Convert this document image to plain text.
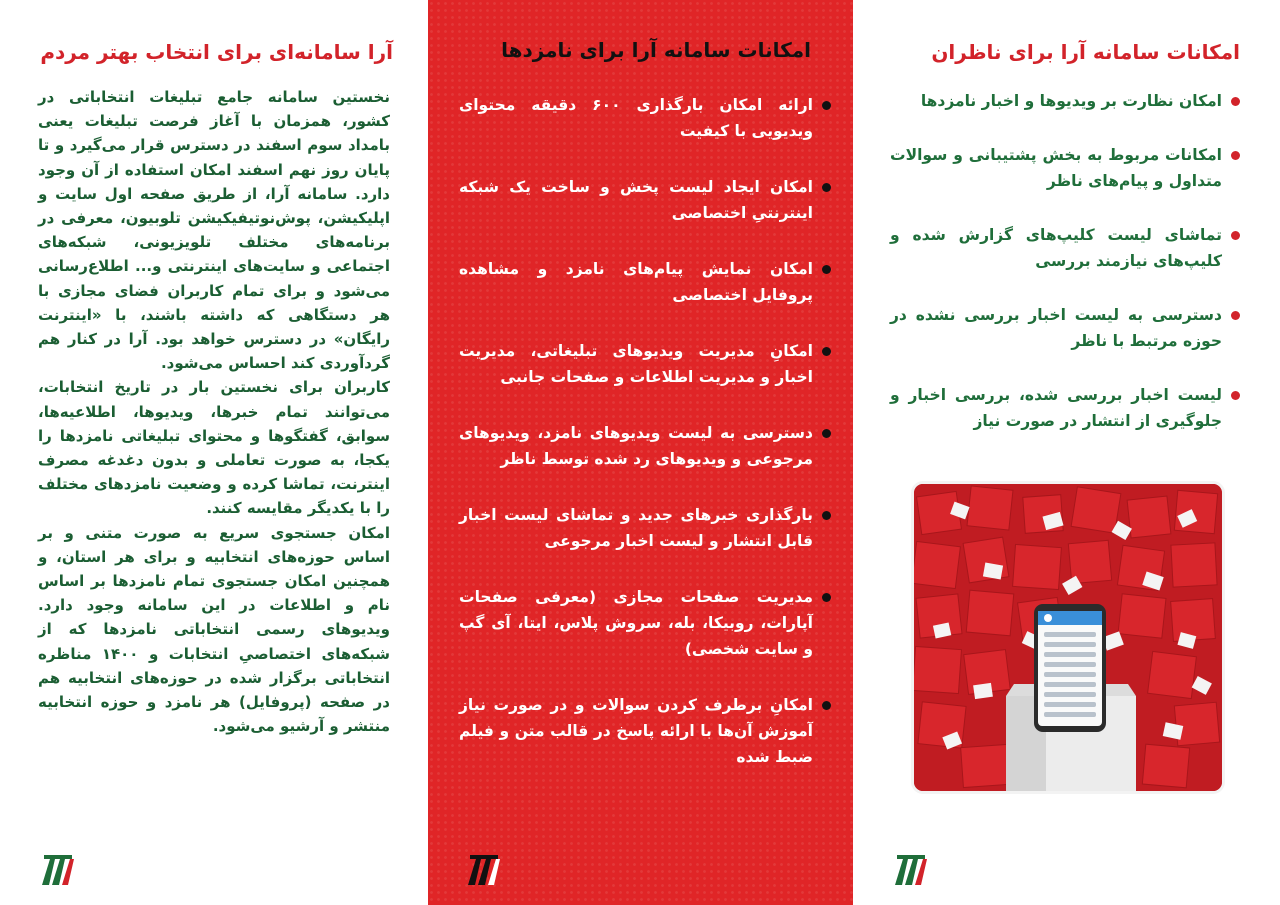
امکانات سامانه آرا برای ناظران
امکان نظارت بر ویدیوها و اخبار نامزدها
امکانات مربوط به بخش پشتیبانی و سوالات متداول و پیام‌های ناظر
تماشای لیست کلیپ‌های گزارش شده و کلیپ‌های نیازمند بررسی
دسترسی به لیست اخبار بررسی نشده در حوزه مرتبط با ناظر
لیست اخبار بررسی شده، بررسی اخبار و جلوگیری از انتشار در صورت نیاز
امکانات سامانه آرا برای نامزدها
ارائه امکان بارگذاری ۶۰۰ دقیقه محتوای ویدیویی با کیفیت
امکان ایجاد لیست پخش و ساخت یک شبکه اینترنتیِ اختصاصی
امکان نمایش پیام‌های نامزد و مشاهده پروفایل اختصاصی
امکانِ مدیریت ویدیوهای تبلیغاتی، مدیریت اخبار و مدیریت اطلاعات و صفحات جانبی
دسترسی به لیست ویدیوهای نامزد، ویدیوهای مرجوعی و ویدیوهای رد شده توسط ناظر
بارگذاری خبرهای جدید و تماشای لیست اخبار قابل انتشار و لیست اخبار مرجوعی
مدیریت صفحات مجازی (معرفی صفحات آپارات، روبیکا، بله، سروش پلاس، ایتا، آی گپ و سایت شخصی)
امکانِ برطرف کردن سوالات و در صورت نیاز آموزش آن‌ها با ارائه پاسخ در قالب متن و فیلم ضبط شده
آرا سامانه‌ای برای انتخاب بهتر مردم

نخستین سامانه جامع تبلیغات انتخاباتی در کشور، همزمان با آغاز فرصت تبلیغات یعنی بامداد سوم اسفند در دسترس قرار می‌گیرد و تا پایان روز نهم اسفند امکان استفاده از آن وجود دارد. سامانه آرا، از طریق صفحه اول سایت و اپلیکیشن، پوش‌نوتیفیکیشن تلوبیون، معرفی در برنامه‌های مختلف تلویزیونی، شبکه‌های اجتماعی و سایت‌های اینترنتی و... اطلاع‌رسانی می‌شود و برای تمام کاربران فضای مجازی با هر دستگاهی که داشته باشند، با «اینترنت رایگان» در دسترس خواهد بود. آرا در کنار هم گردآوردی کند احساس می‌شود.

کاربران برای نخستین بار در تاریخ انتخابات، می‌توانند تمام خبرها، ویدیوها، اطلاعیه‌ها، سوابق، گفتگوها و محتوای تبلیغاتی نامزدها را یکجا، به صورت تعاملی و بدون دغدغه مصرف اینترنت، تماشا کرده و وضعیت نامزدهای مختلف را با یکدیگر مقایسه کنند.

امکان جستجوی سریع به صورت متنی و بر اساس حوزه‌های انتخابیه و برای هر استان، و همچنین امکان جستجوی تمام نامزدها بر اساس نام و اطلاعات در این سامانه وجود دارد. ویدیوهای رسمی انتخاباتی نامزدها که از شبکه‌های اختصاصیِ انتخابات و ۱۴۰۰ مناظره انتخاباتی برگزار شده در حوزه‌های انتخابیه هم در صفحه (پروفایل) هر نامزد و حوزه انتخابیه منتشر و آرشیو می‌شود.
